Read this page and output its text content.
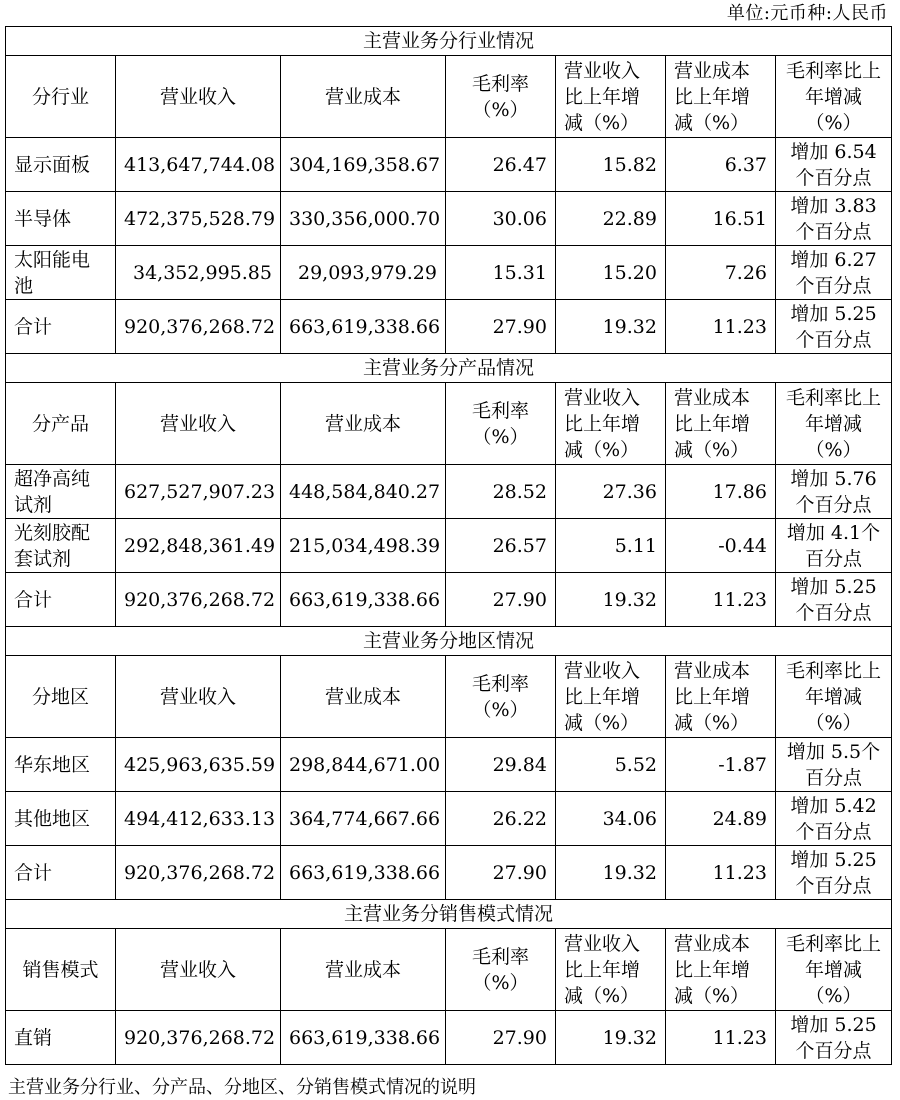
单位:元币种:人民币
主营业务分行业情况						
分行业	营业收入	营业成本	毛利率（%）	营业收入比上年增减（%）	营业成本比上年增减（%）	毛利率比上年增减（%）
显示面板	413,647,744.08	304,169,358.67	26.47	15.82	6.37	增加 6.54个百分点
半导体	472,375,528.79	330,356,000.70	30.06	22.89	16.51	增加 3.83个百分点
太阳能电池	34,352,995.85	29,093,979.29	15.31	15.20	7.26	增加 6.27个百分点
合计	920,376,268.72	663,619,338.66	27.90	19.32	11.23	增加 5.25个百分点
主营业务分产品情况						
分产品	营业收入	营业成本	毛利率（%）	营业收入比上年增减（%）	营业成本比上年增减（%）	毛利率比上年增减（%）
超净高纯试剂	627,527,907.23	448,584,840.27	28.52	27.36	17.86	增加 5.76个百分点
光刻胶配套试剂	292,848,361.49	215,034,498.39	26.57	5.11	-0.44	增加 4.1个百分点
合计	920,376,268.72	663,619,338.66	27.90	19.32	11.23	增加 5.25个百分点
主营业务分地区情况						
分地区	营业收入	营业成本	毛利率（%）	营业收入比上年增减（%）	营业成本比上年增减（%）	毛利率比上年增减（%）
华东地区	425,963,635.59	298,844,671.00	29.84	5.52	-1.87	增加 5.5个百分点
其他地区	494,412,633.13	364,774,667.66	26.22	34.06	24.89	增加 5.42个百分点
合计	920,376,268.72	663,619,338.66	27.90	19.32	11.23	增加 5.25个百分点
主营业务分销售模式情况						
销售模式	营业收入	营业成本	毛利率（%）	营业收入比上年增减（%）	营业成本比上年增减（%）	毛利率比上年增减（%）
直销	920,376,268.72	663,619,338.66	27.90	19.32	11.23	增加 5.25个百分点
主营业务分行业、分产品、分地区、分销售模式情况的说明
